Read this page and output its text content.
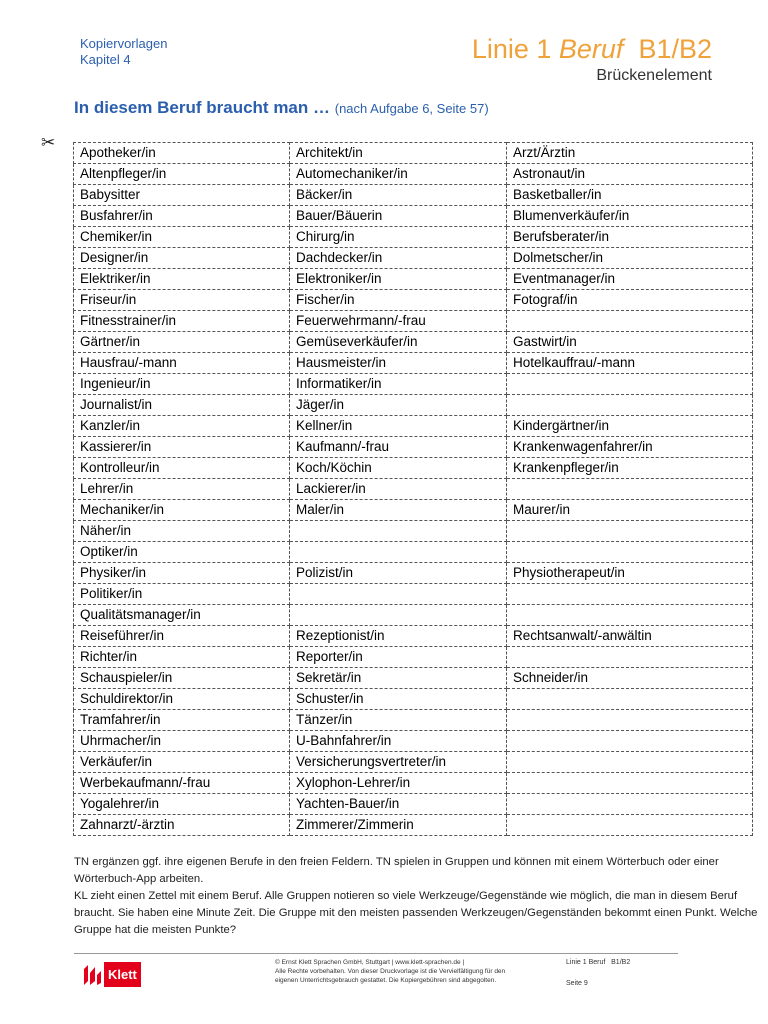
Kopiervorlagen
Kapitel 4	Linie 1 Beruf  B1/B2
Brückenelement
In diesem Beruf braucht man … (nach Aufgabe 6, Seite 57)
✂
Apotheker/in	Architekt/in	Arzt/Ärztin
Altenpfleger/in	Automechaniker/in	Astronaut/in
Babysitter	Bäcker/in	Basketballer/in
Busfahrer/in	Bauer/Bäuerin	Blumenverkäufer/in
Chemiker/in	Chirurg/in	Berufsberater/in
Designer/in	Dachdecker/in	Dolmetscher/in
Elektriker/in	Elektroniker/in	Eventmanager/in
Friseur/in	Fischer/in	Fotograf/in
Fitnesstrainer/in	Feuerwehrmann/-frau	
Gärtner/in	Gemüseverkäufer/in	Gastwirt/in
Hausfrau/-mann	Hausmeister/in	Hotelkauffrau/-mann
Ingenieur/in	Informatiker/in	
Journalist/in	Jäger/in	
Kanzler/in	Kellner/in	Kindergärtner/in
Kassierer/in	Kaufmann/-frau	Krankenwagenfahrer/in
Kontrolleur/in	Koch/Köchin	Krankenpfleger/in
Lehrer/in	Lackierer/in	
Mechaniker/in	Maler/in	Maurer/in
Näher/in		
Optiker/in		
Physiker/in	Polizist/in	Physiotherapeut/in
Politiker/in		
Qualitätsmanager/in		
Reiseführer/in	Rezeptionist/in	Rechtsanwalt/-anwältin
Richter/in	Reporter/in	
Schauspieler/in	Sekretär/in	Schneider/in
Schuldirektor/in	Schuster/in	
Tramfahrer/in	Tänzer/in	
Uhrmacher/in	U-Bahnfahrer/in	
Verkäufer/in	Versicherungsvertreter/in	
Werbekaufmann/-frau	Xylophon-Lehrer/in	
Yogalehrer/in	Yachten-Bauer/in	
Zahnarzt/-ärztin	Zimmerer/Zimmerin	

TN ergänzen ggf. ihre eigenen Berufe in den freien Feldern. TN spielen in Gruppen und können mit einem Wörterbuch oder einer Wörterbuch-App arbeiten.

KL zieht einen Zettel mit einem Beruf. Alle Gruppen notieren so viele Werkzeuge/Gegenstände wie möglich, die man in diesem Beruf braucht. Sie haben eine Minute Zeit. Die Gruppe mit den meisten passenden Werkzeugen/Gegenständen bekommt einen Punkt. Welche Gruppe hat die meisten Punkte?

Klett
© Ernst Klett Sprachen GmbH, Stuttgart | www.klett-sprachen.de |
Alle Rechte vorbehalten. Von dieser Druckvorlage ist die Vervielfältigung für den
eigenen Unterrichtsgebrauch gestattet. Die Kopiergebühren sind abgegolten.
Linie 1 Beruf   B1/B2
Seite 9
